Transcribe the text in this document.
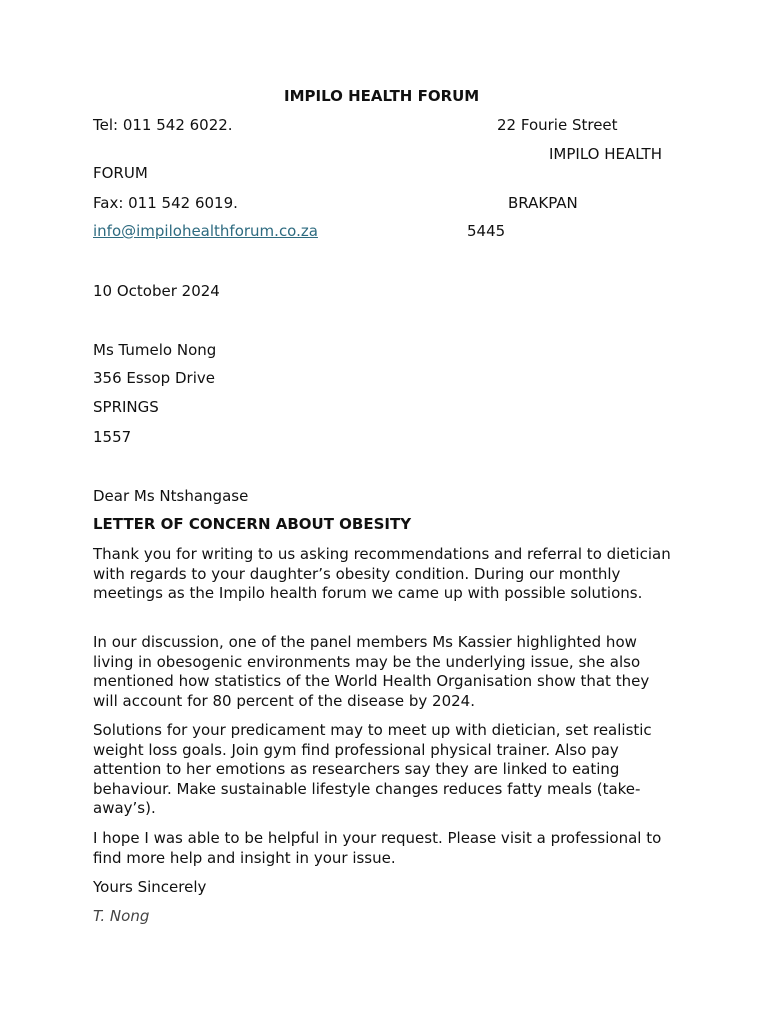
IMPILO HEALTH FORUM
Tel: 011 542 6022.	22 Fourie Street
IMPILO HEALTH
FORUM
Fax: 011 542 6019.	BRAKPAN
info@impilohealthforum.co.za	5445
10 October 2024
Ms Tumelo Nong
356 Essop Drive
SPRINGS
1557
Dear Ms Ntshangase
LETTER OF CONCERN ABOUT OBESITY
Thank you for writing to us asking recommendations and referral to dietician with regards to your daughter’s obesity condition. During our monthly meetings as the Impilo health forum we came up with possible solutions.
In our discussion, one of the panel members Ms Kassier highlighted how living in obesogenic environments may be the underlying issue, she also mentioned how statistics of the World Health Organisation show that they will account for 80 percent of the disease by 2024.
Solutions for your predicament may to meet up with dietician, set realistic weight loss goals. Join gym find professional physical trainer. Also pay attention to her emotions as researchers say they are linked to eating behaviour. Make sustainable lifestyle changes reduces fatty meals (take-away’s).
I hope I was able to be helpful in your request. Please visit a professional to find more help and insight in your issue.
Yours Sincerely
T. Nong
